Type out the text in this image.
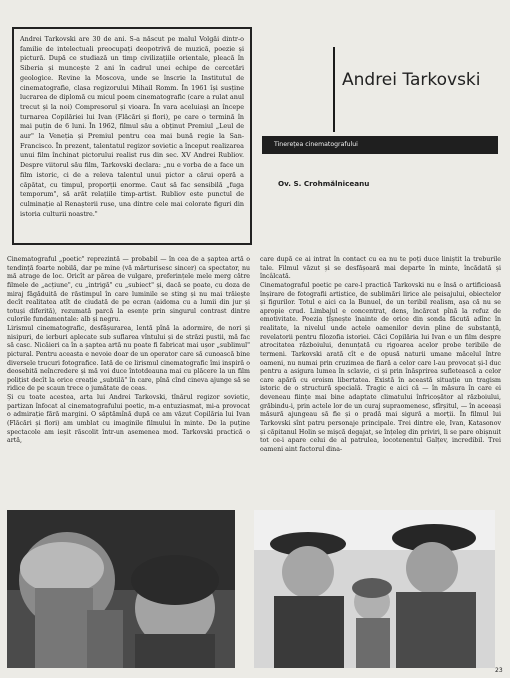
Andrei Tarkovski are 30 de ani. S-a născut pe malul Volgăi dintr-o familie de intelectuali preocupați deopotrivă de muzică, poezie și pictură. După ce studiază un timp civilizațiile orientale, pleacă în Siberia și muncește 2 ani în cadrul unei echipe de cercetări geologice. Revine la Moscova, unde se înscrie la Institutul de cinematografie, clasa regizorului Mihail Romm. În 1961 își susține lucrarea de diplomă cu micul poem cinematografic (care a rulat anul trecut și la noi) Compresorul și vioara. În vara aceluiași an începe turnarea Copilăriei lui Ivan (Flăcări și flori), pe care o termină în mai puțin de 6 luni. În 1962, filmul său a obținut Premiul „Leul de aur" la Veneția și Premiul pentru cea mai bună regie la San-Francisco. În prezent, talentatul regizor sovietic a început realizarea unui film închinat pictorului realist rus din sec. XV Andrei Rubliov. Despre viitorul său film, Tarkovski declara: „nu e vorba de a face un film istoric, ci de a releva talentul unui pictor a cărui operă a căpătat, cu timpul, proporții enorme. Caut să fac sensibilă „fuga temporum", să arăt relațiile timp-artist. Rubliov este punctul de culminație al Renașterii ruse, una dintre cele mai colorate figuri din istoria culturii noastre."

Andrei Tarkovski
Tinerețea cinematografului
Ov. S. Crohmălniceanu

Cinematograful „poetic" reprezintă — probabil — în cea de a șaptea artă o tendință foarte nobilă, dar pe mine (vă mărturisesc sincer) ca spectator, nu mă atrage de loc. Oricît ar părea de vulgare, preferințele mele merg către filmele de „acțiune", cu „intrigă" cu „subiect" și, dacă se poate, cu doza de miraj făgăduită de răstimpul în care luminile se sting și nu mai trăiește decît realitatea atît de ciudată de pe ecran (aidoma cu a lumii din jur și totuși diferită), rezumată parcă la esențe prin singurul contrast dintre culorile fundamentale: alb și negru.

Lirismul cinematografic, desfășurarea, lentă pînă la adormire, de nori și nisipuri, de ierburi aplecate sub suflarea vîntului și de străzi pustii, mă fac să casc. Nicăieri ca în a șaptea artă nu poate fi fabricat mai ușor „sublimul" pictural. Pentru aceasta e nevoie doar de un operator care să cunoască bine diversele trucuri fotografice. Iată de ce lirismul cinematografic îmi inspiră o deosebită neîncredere și mă voi duce întotdeauna mai cu plăcere la un film polițist decît la orice creație „subtilă" în care, pînă cînd cineva ajunge să se ridice de pe scaun trece o jumătate de ceas.

Și cu toate acestea, arta lui Andrei Tarkovski, tînărul regizor sovietic, partizan înfocat al cinematografului poetic, m-a entuziasmat, mi-a provocat o admirație fără margini. O săptămînă după ce am văzut Copilăria lui Ivan (Flăcări și flori) am umblat cu imaginile filmului în minte. De la puține spectacole am ieșit răscolit într-un asemenea mod. Tarkovski practică o artă,

care după ce ai intrat în contact cu ea nu te poți duce liniștit la treburile tale. Filmul văzut și se desfășoară mai departe în minte, încădată și încâlcată.

Cinematograful poetic pe care-l practică Tarkovski nu e însă o artificioasă înșirare de fotografii artistice, de sublimări lirice ale peisajului, obiectelor și figurilor. Totul e aici ca la Bunuel, de un teribil realism, așa că nu se apropie crud. Limbajul e concentrat, dens, încărcat pînă la refuz de emotivitate. Poezia țîșnește înainte de orice din sonda făcută adînc în realitate, la nivelul unde actele oamenilor devin pline de substanță, revelatorii pentru filozofia istoriei. Căci Copilăria lui Ivan e un film despre atrocitatea războiului, denunțată cu rigoarea acelor probe teribile de termeni. Tarkovski arată cît e de opusă naturii umane măcelul între oameni, nu numai prin cruzimea de fiară a celor care l-au provocat și-l duc pentru a asigura lumea în sclavie, ci și prin înăsprirea sufletească a celor care apără cu eroism libertatea. Există în această situație un tragism istoric de o structură specială. Tragic e aici că — în măsura în care ei deveneau ființe mai bine adaptate climatului înfricoșător al războiului, grăbindu-i, prin actele lor de un curaj supraomenesc, sfîrșitul, — în aceeași măsură ajungeau să fie și o pradă mai sigură a morții. În filmul lui Tarkovski sînt patru personaje principale. Trei dintre ele, Ivan, Katasonov și căpitanul Holin se mișcă degajat, se înțeleg din priviri, li se pare obișnuit tot ce-i apare celui de al patrulea, locotenentul Galțev, incredibil. Trei oameni aint factorul dina-

23
